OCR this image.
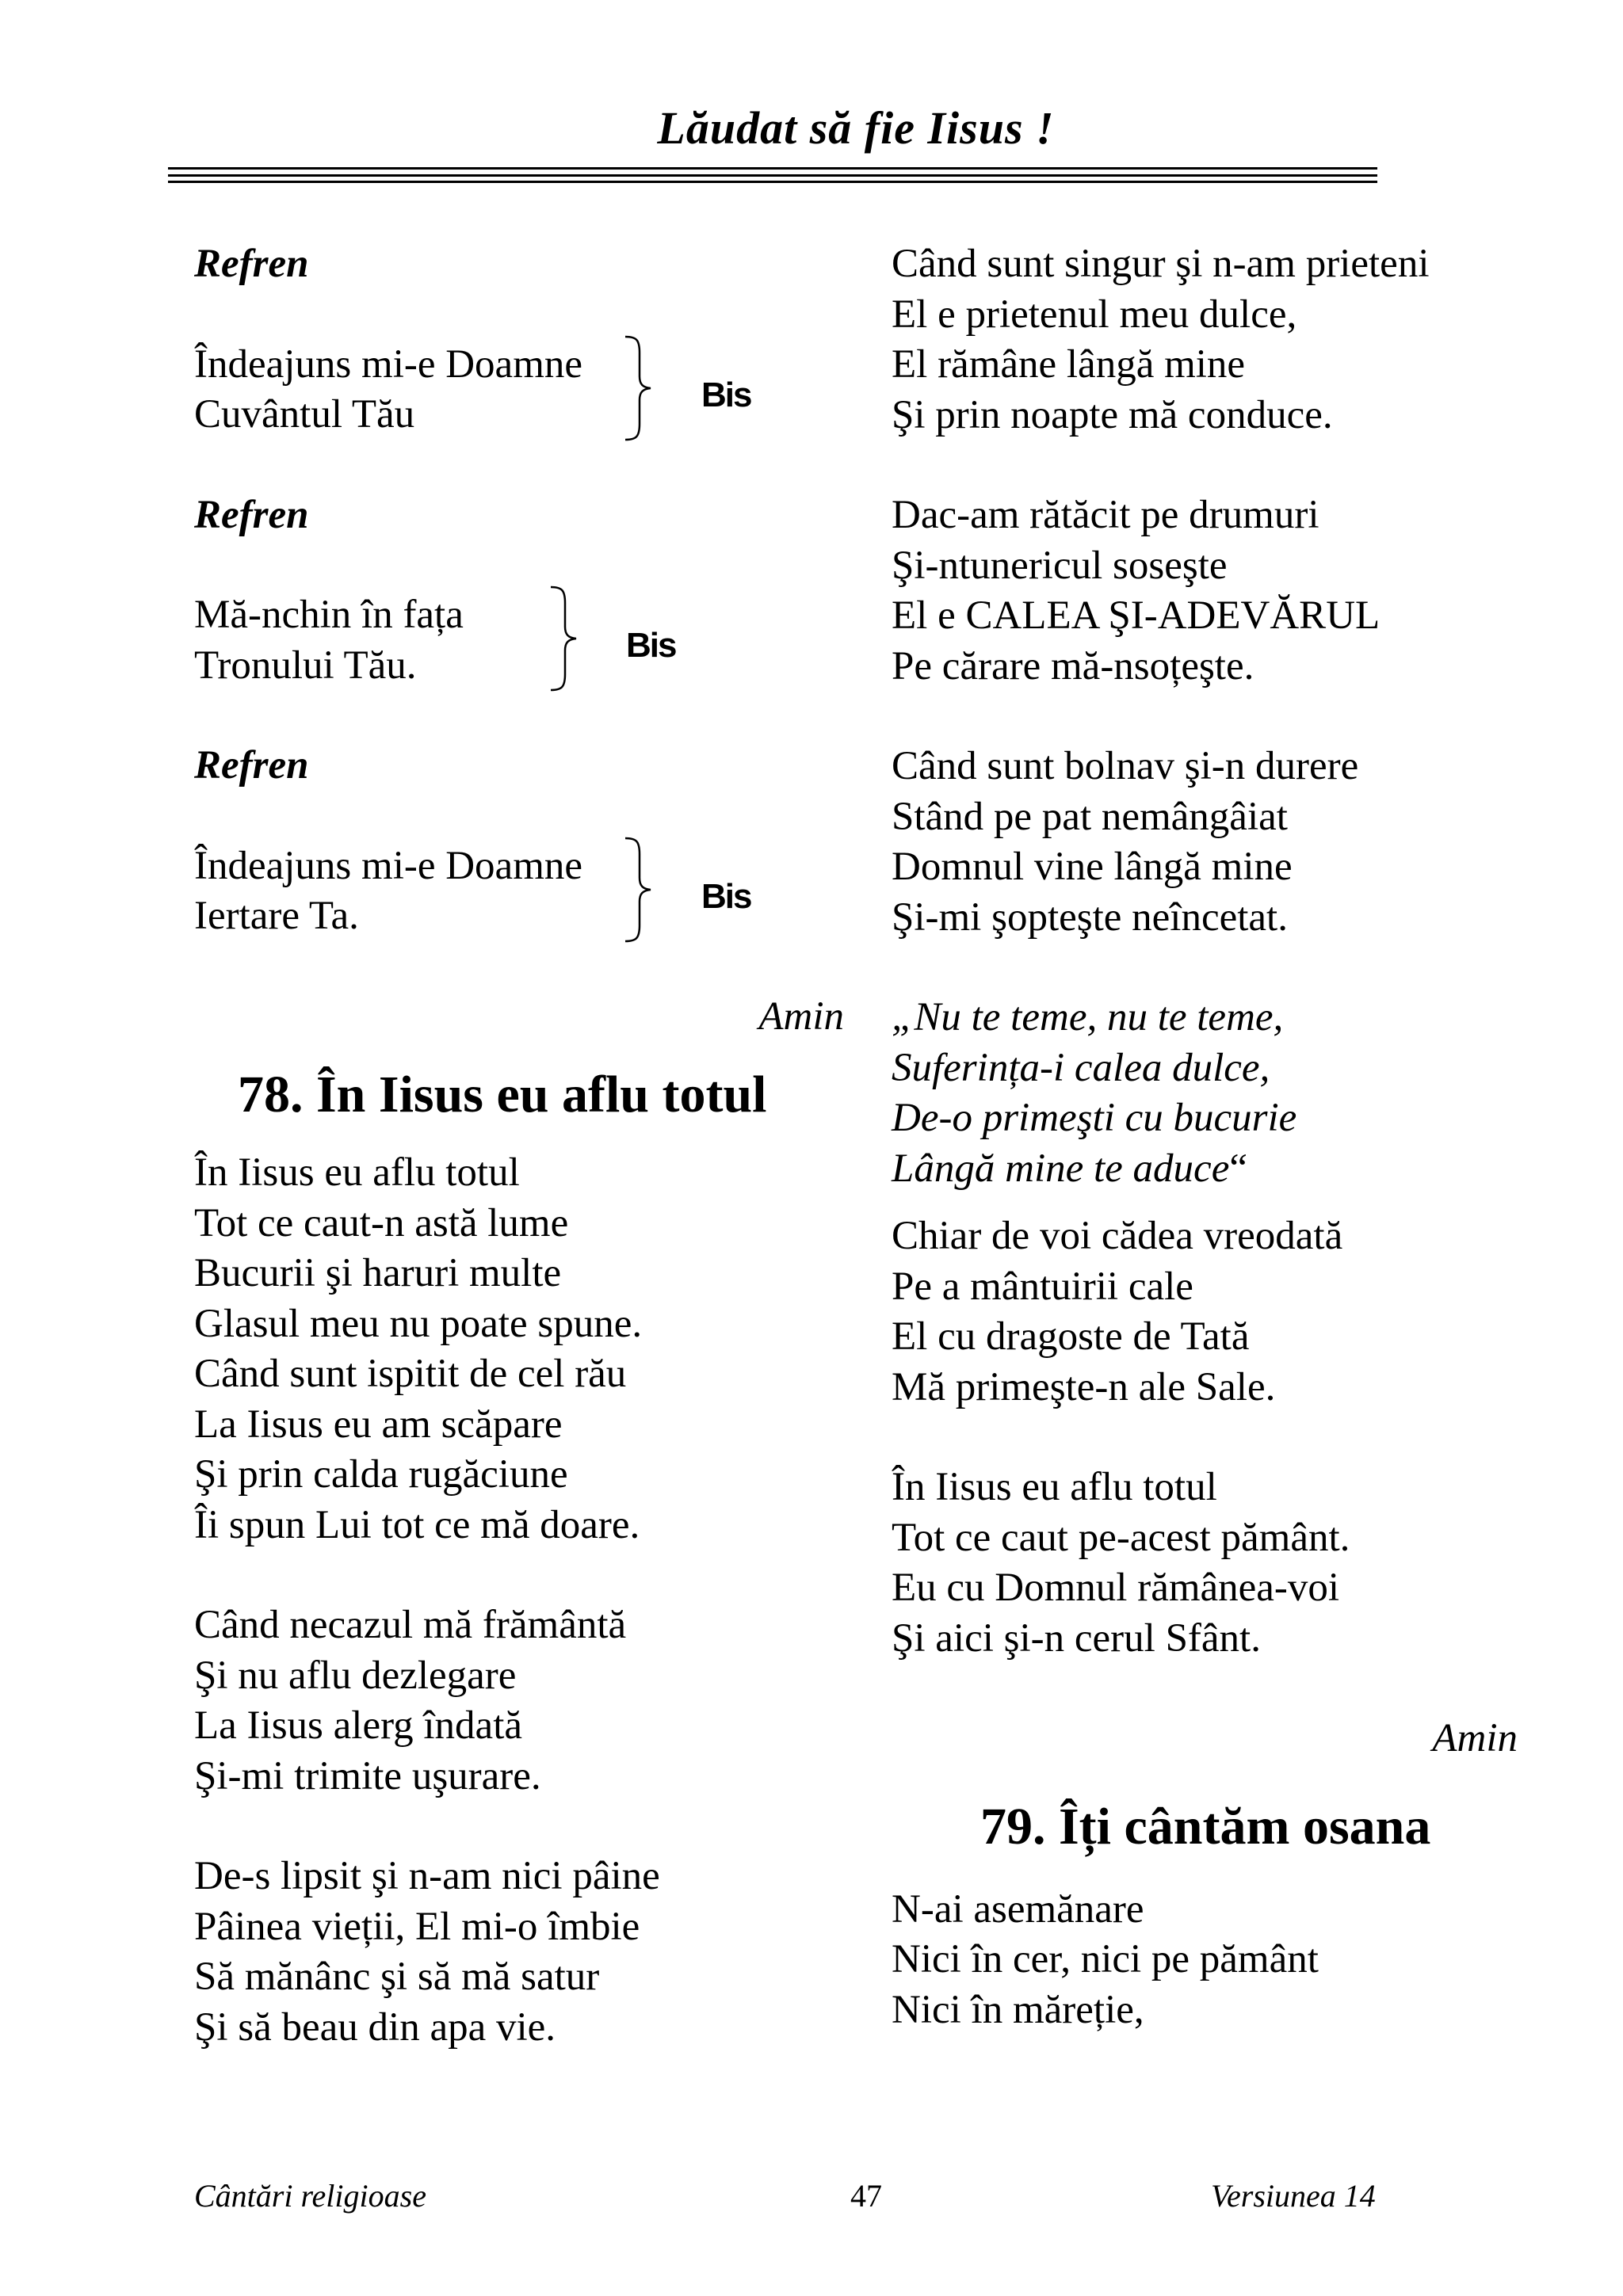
Lăudat să fie Iisus !
Refren
Îndeajuns mi-e Doamne
Cuvântul Tău	Bis
Refren
Mă-nchin în fața
Tronului Tău.	Bis
Refren
Îndeajuns mi-e Doamne
Iertare Ta.	Bis
Amin
78. În Iisus eu aflu totul
În Iisus eu aflu totul
Tot ce caut-n astă lume
Bucurii şi haruri multe
Glasul meu nu poate spune.
Când sunt ispitit de cel rău
La Iisus eu am scăpare
Şi prin calda rugăciune
Îi spun Lui tot ce mă doare.
Când necazul mă frământă
Şi nu aflu dezlegare
La Iisus alerg îndată
Şi-mi trimite uşurare.
De-s lipsit şi n-am nici pâine
Pâinea vieții, El mi-o îmbie
Să mănânc şi să mă satur
Şi să beau din apa vie.
Când sunt singur şi n-am prieteni
El e prietenul meu dulce,
El rămâne lângă mine
Şi prin noapte mă conduce.
Dac-am rătăcit pe drumuri
Şi-ntunericul soseşte
El e CALEA ŞI-ADEVĂRUL
Pe cărare mă-nsoțeşte.
Când sunt bolnav şi-n durere
Stând pe pat nemângâiat
Domnul vine lângă mine
Şi-mi şopteşte neîncetat.
„Nu te teme, nu te teme,
Suferința-i calea dulce,
De-o primeşti cu bucurie
Lângă mine te aduce“
Chiar de voi cădea vreodată
Pe a mântuirii cale
El cu dragoste de Tată
Mă primeşte-n ale Sale.
În Iisus eu aflu totul
Tot ce caut pe-acest pământ.
Eu cu Domnul rămânea-voi
Şi aici şi-n cerul Sfânt.
Amin
79. Îți cântăm osana
N-ai asemănare
Nici în cer, nici pe pământ
Nici în măreție,
Cântări religioase	47	Versiunea 14
